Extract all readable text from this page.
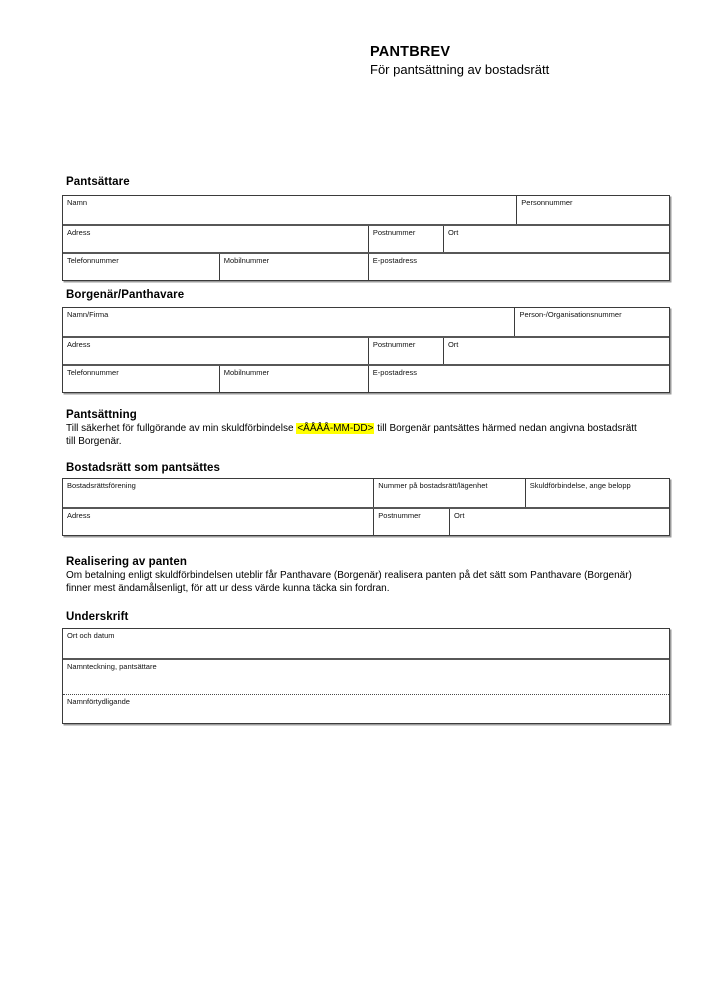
PANTBREV
För pantsättning av bostadsrätt
Pantsättare
Namn	Personnummer
Adress	Postnummer	Ort
Telefonnummer	Mobilnummer	E-postadress
Borgenär/Panthavare
Namn/Firma	Person-/Organisationsnummer
Adress	Postnummer	Ort
Telefonnummer	Mobilnummer	E-postadress
Pantsättning

Till säkerhet för fullgörande av min skuldförbindelse <ÅÅÅÅ-MM-DD> till Borgenär pantsättes härmed nedan angivna bostadsrätt till Borgenär.

Bostadsrätt som pantsättes
Bostadsrättsförening	Nummer på bostadsrätt/lägenhet	Skuldförbindelse, ange belopp
Adress	Postnummer	Ort
Realisering av panten

Om betalning enligt skuldförbindelsen uteblir får Panthavare (Borgenär) realisera panten på det sätt som Panthavare (Borgenär) finner mest ändamålsenligt, för att ur dess värde kunna täcka sin fordran.

Underskrift
Ort och datum
Namnteckning, pantsättare
Namnförtydligande
